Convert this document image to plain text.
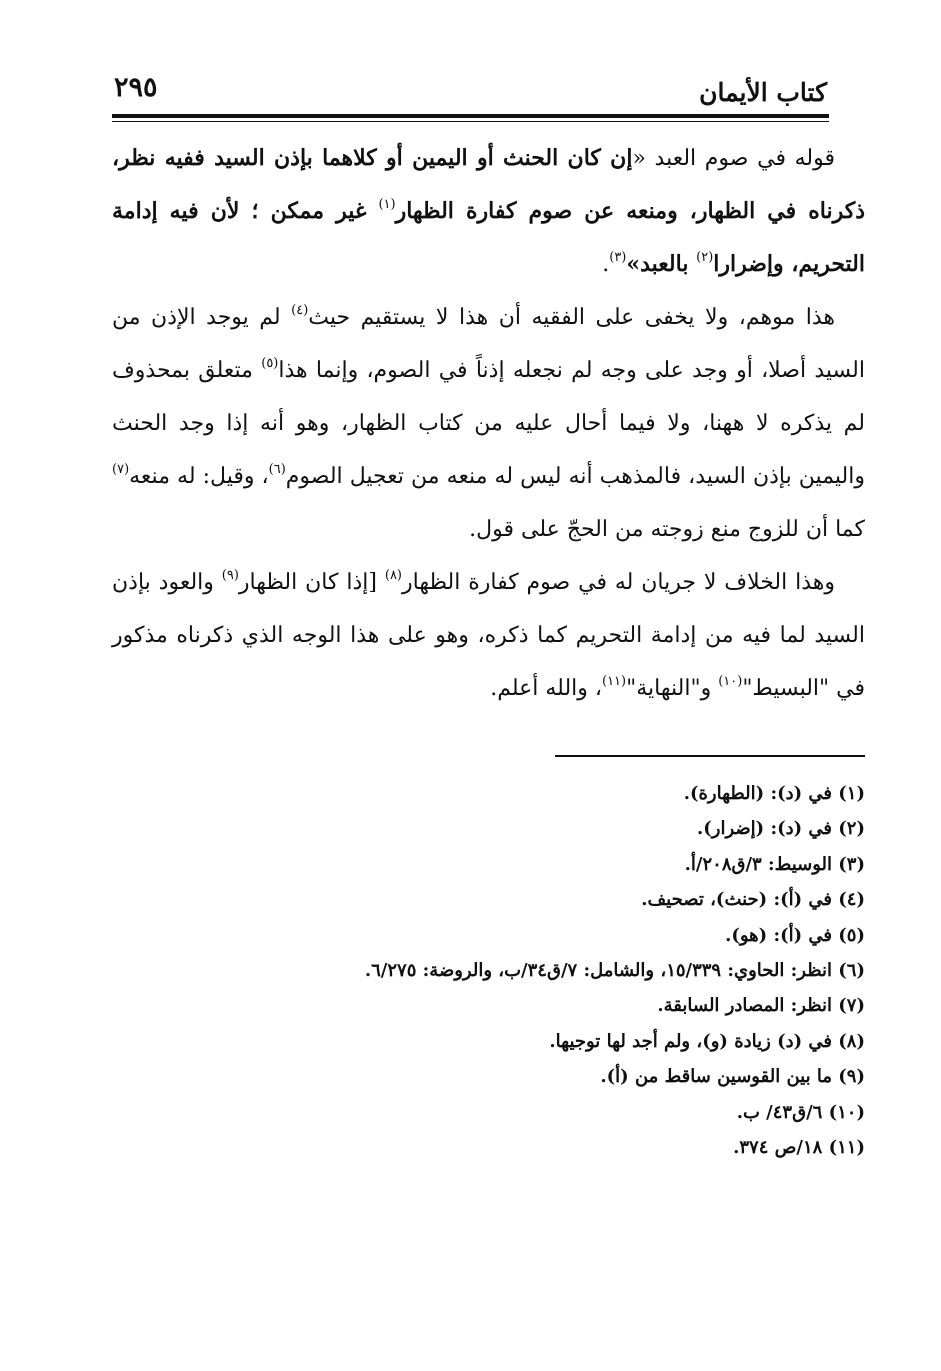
٢٩٥	كتاب الأيمان

قوله في صوم العبد «إن كان الحنث أو اليمين أو كلاهما بإذن السيد ففيه نظر، ذكرناه في الظهار، ومنعه عن صوم كفارة الظهار$^{(١)}$ غير ممكن ؛ لأن فيه إدامة التحريم، وإضرارا$^{(٢)}$ بالعبد»$^{(٣)}$.

هذا موهم، ولا يخفى على الفقيه أن هذا لا يستقيم حيث$^{(٤)}$ لم يوجد الإذن من السيد أصلا، أو وجد على وجه لم نجعله إذناً في الصوم، وإنما هذا$^{(٥)}$ متعلق بمحذوف لم يذكره لا ههنا، ولا فيما أحال عليه من كتاب الظهار، وهو أنه إذا وجد الحنث واليمين بإذن السيد، فالمذهب أنه ليس له منعه من تعجيل الصوم$^{(٦)}$، وقيل: له منعه$^{(٧)}$ كما أن للزوج منع زوجته من الحجّ على قول.

وهذا الخلاف لا جريان له في صوم كفارة الظهار$^{(٨)}$ [إذا كان الظهار$^{(٩)}$ والعود بإذن السيد لما فيه من إدامة التحريم كما ذكره، وهو على هذا الوجه الذي ذكرناه مذكور في "البسيط"$^{(١٠)}$ و"النهاية"$^{(١١)}$، والله أعلم.

(١) في (د): (الطهارة).
(٢) في (د): (إضرار).
(٣) الوسيط: ٣/ق٢٠٨/أ.
(٤) في (أ): (حنث)، تصحيف.
(٥) في (أ): (هو).
(٦) انظر: الحاوي: ١٥/٣٣٩، والشامل: ٧/ق٣٤/ب، والروضة: ٦/٢٧٥.
(٧) انظر: المصادر السابقة.
(٨) في (د) زيادة (و)، ولم أجد لها توجيها.
(٩) ما بين القوسين ساقط من (أ).
(١٠) ٦/ق٤٣/ ب.
(١١) ١٨/ص ٣٧٤.
